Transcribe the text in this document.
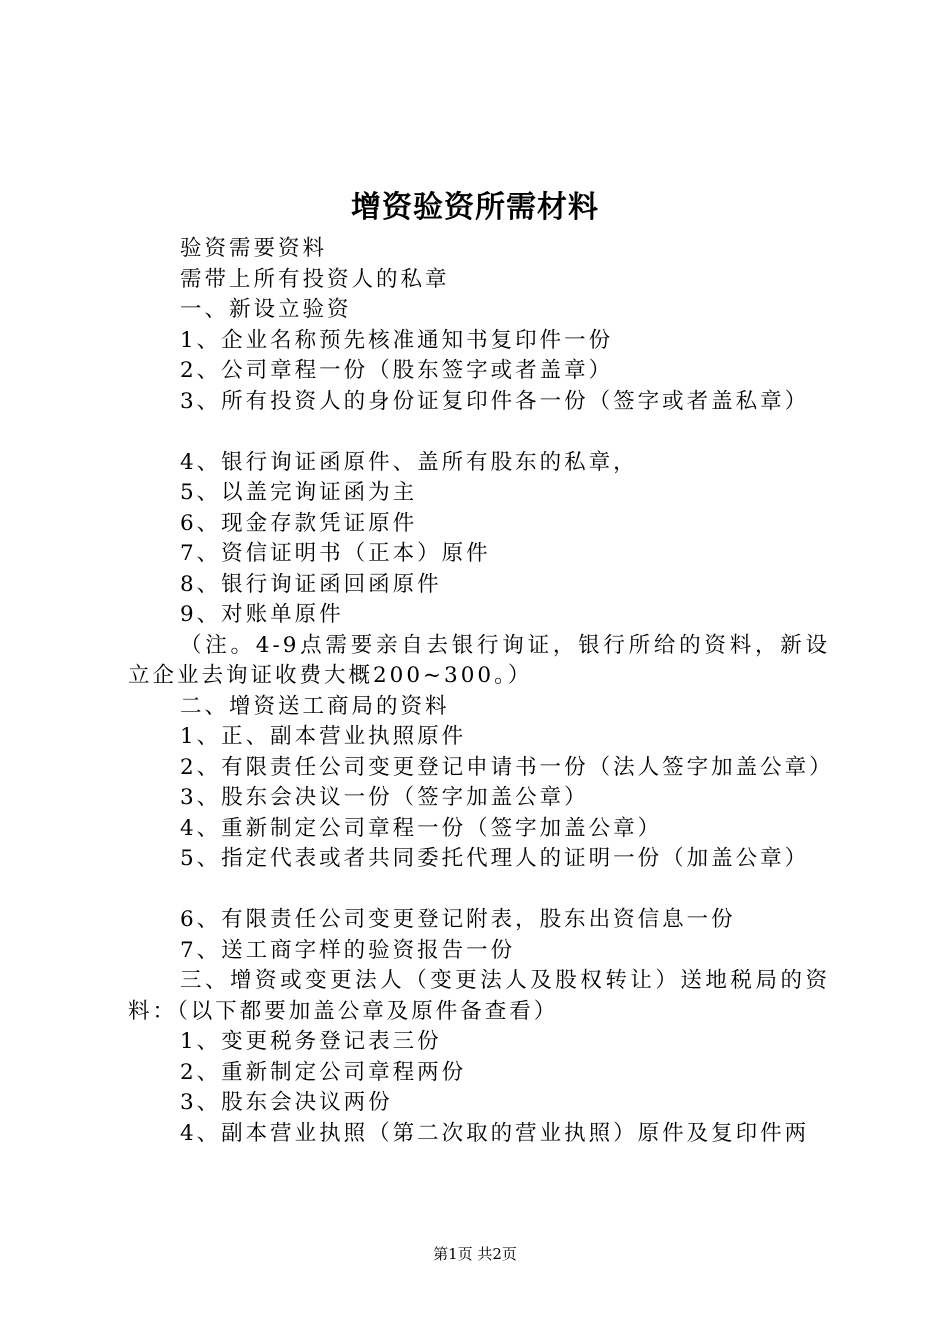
增资验资所需材料

验资需要资料

需带上所有投资人的私章

一、新设立验资

1、企业名称预先核准通知书复印件一份

2、公司章程一份（股东签字或者盖章）

3、所有投资人的身份证复印件各一份（签字或者盖私章）

4、银行询证函原件、盖所有股东的私章，

5、以盖完询证函为主

6、现金存款凭证原件

7、资信证明书（正本）原件

8、银行询证函回函原件

9、对账单原件

（注。4-9点需要亲自去银行询证，银行所给的资料，新设立企业去询证收费大概200~300。）

二、增资送工商局的资料

1、正、副本营业执照原件

2、有限责任公司变更登记申请书一份（法人签字加盖公章）

3、股东会决议一份（签字加盖公章）

4、重新制定公司章程一份（签字加盖公章）

5、指定代表或者共同委托代理人的证明一份（加盖公章）

6、有限责任公司变更登记附表，股东出资信息一份

7、送工商字样的验资报告一份

三、增资或变更法人（变更法人及股权转让）送地税局的资料：（以下都要加盖公章及原件备查看）

1、变更税务登记表三份

2、重新制定公司章程两份

3、股东会决议两份

4、副本营业执照（第二次取的营业执照）原件及复印件两

第1页 共2页
